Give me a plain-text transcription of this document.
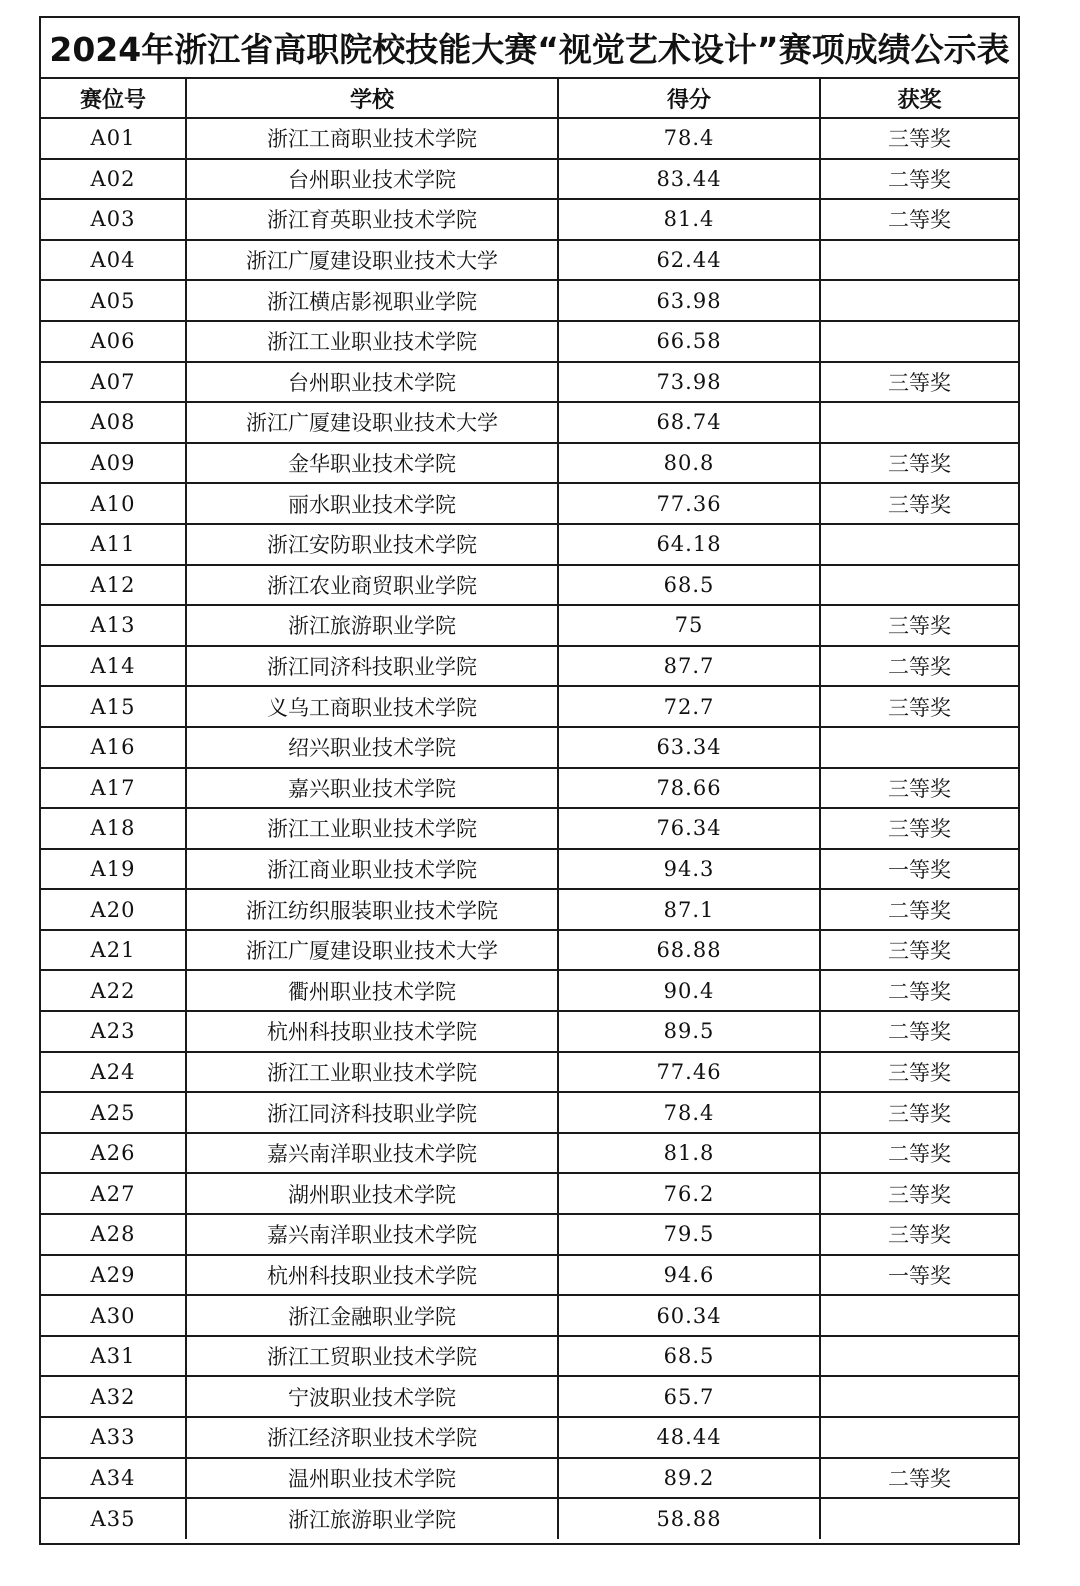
2024年浙江省高职院校技能大赛“视觉艺术设计”赛项成绩公示表
赛位号	学校	得分	获奖
A01	浙江工商职业技术学院	78.4	三等奖
A02	台州职业技术学院	83.44	二等奖
A03	浙江育英职业技术学院	81.4	二等奖
A04	浙江广厦建设职业技术大学	62.44	
A05	浙江横店影视职业学院	63.98	
A06	浙江工业职业技术学院	66.58	
A07	台州职业技术学院	73.98	三等奖
A08	浙江广厦建设职业技术大学	68.74	
A09	金华职业技术学院	80.8	三等奖
A10	丽水职业技术学院	77.36	三等奖
A11	浙江安防职业技术学院	64.18	
A12	浙江农业商贸职业学院	68.5	
A13	浙江旅游职业学院	75	三等奖
A14	浙江同济科技职业学院	87.7	二等奖
A15	义乌工商职业技术学院	72.7	三等奖
A16	绍兴职业技术学院	63.34	
A17	嘉兴职业技术学院	78.66	三等奖
A18	浙江工业职业技术学院	76.34	三等奖
A19	浙江商业职业技术学院	94.3	一等奖
A20	浙江纺织服装职业技术学院	87.1	二等奖
A21	浙江广厦建设职业技术大学	68.88	三等奖
A22	衢州职业技术学院	90.4	二等奖
A23	杭州科技职业技术学院	89.5	二等奖
A24	浙江工业职业技术学院	77.46	三等奖
A25	浙江同济科技职业学院	78.4	三等奖
A26	嘉兴南洋职业技术学院	81.8	二等奖
A27	湖州职业技术学院	76.2	三等奖
A28	嘉兴南洋职业技术学院	79.5	三等奖
A29	杭州科技职业技术学院	94.6	一等奖
A30	浙江金融职业学院	60.34	
A31	浙江工贸职业技术学院	68.5	
A32	宁波职业技术学院	65.7	
A33	浙江经济职业技术学院	48.44	
A34	温州职业技术学院	89.2	二等奖
A35	浙江旅游职业学院	58.88	
